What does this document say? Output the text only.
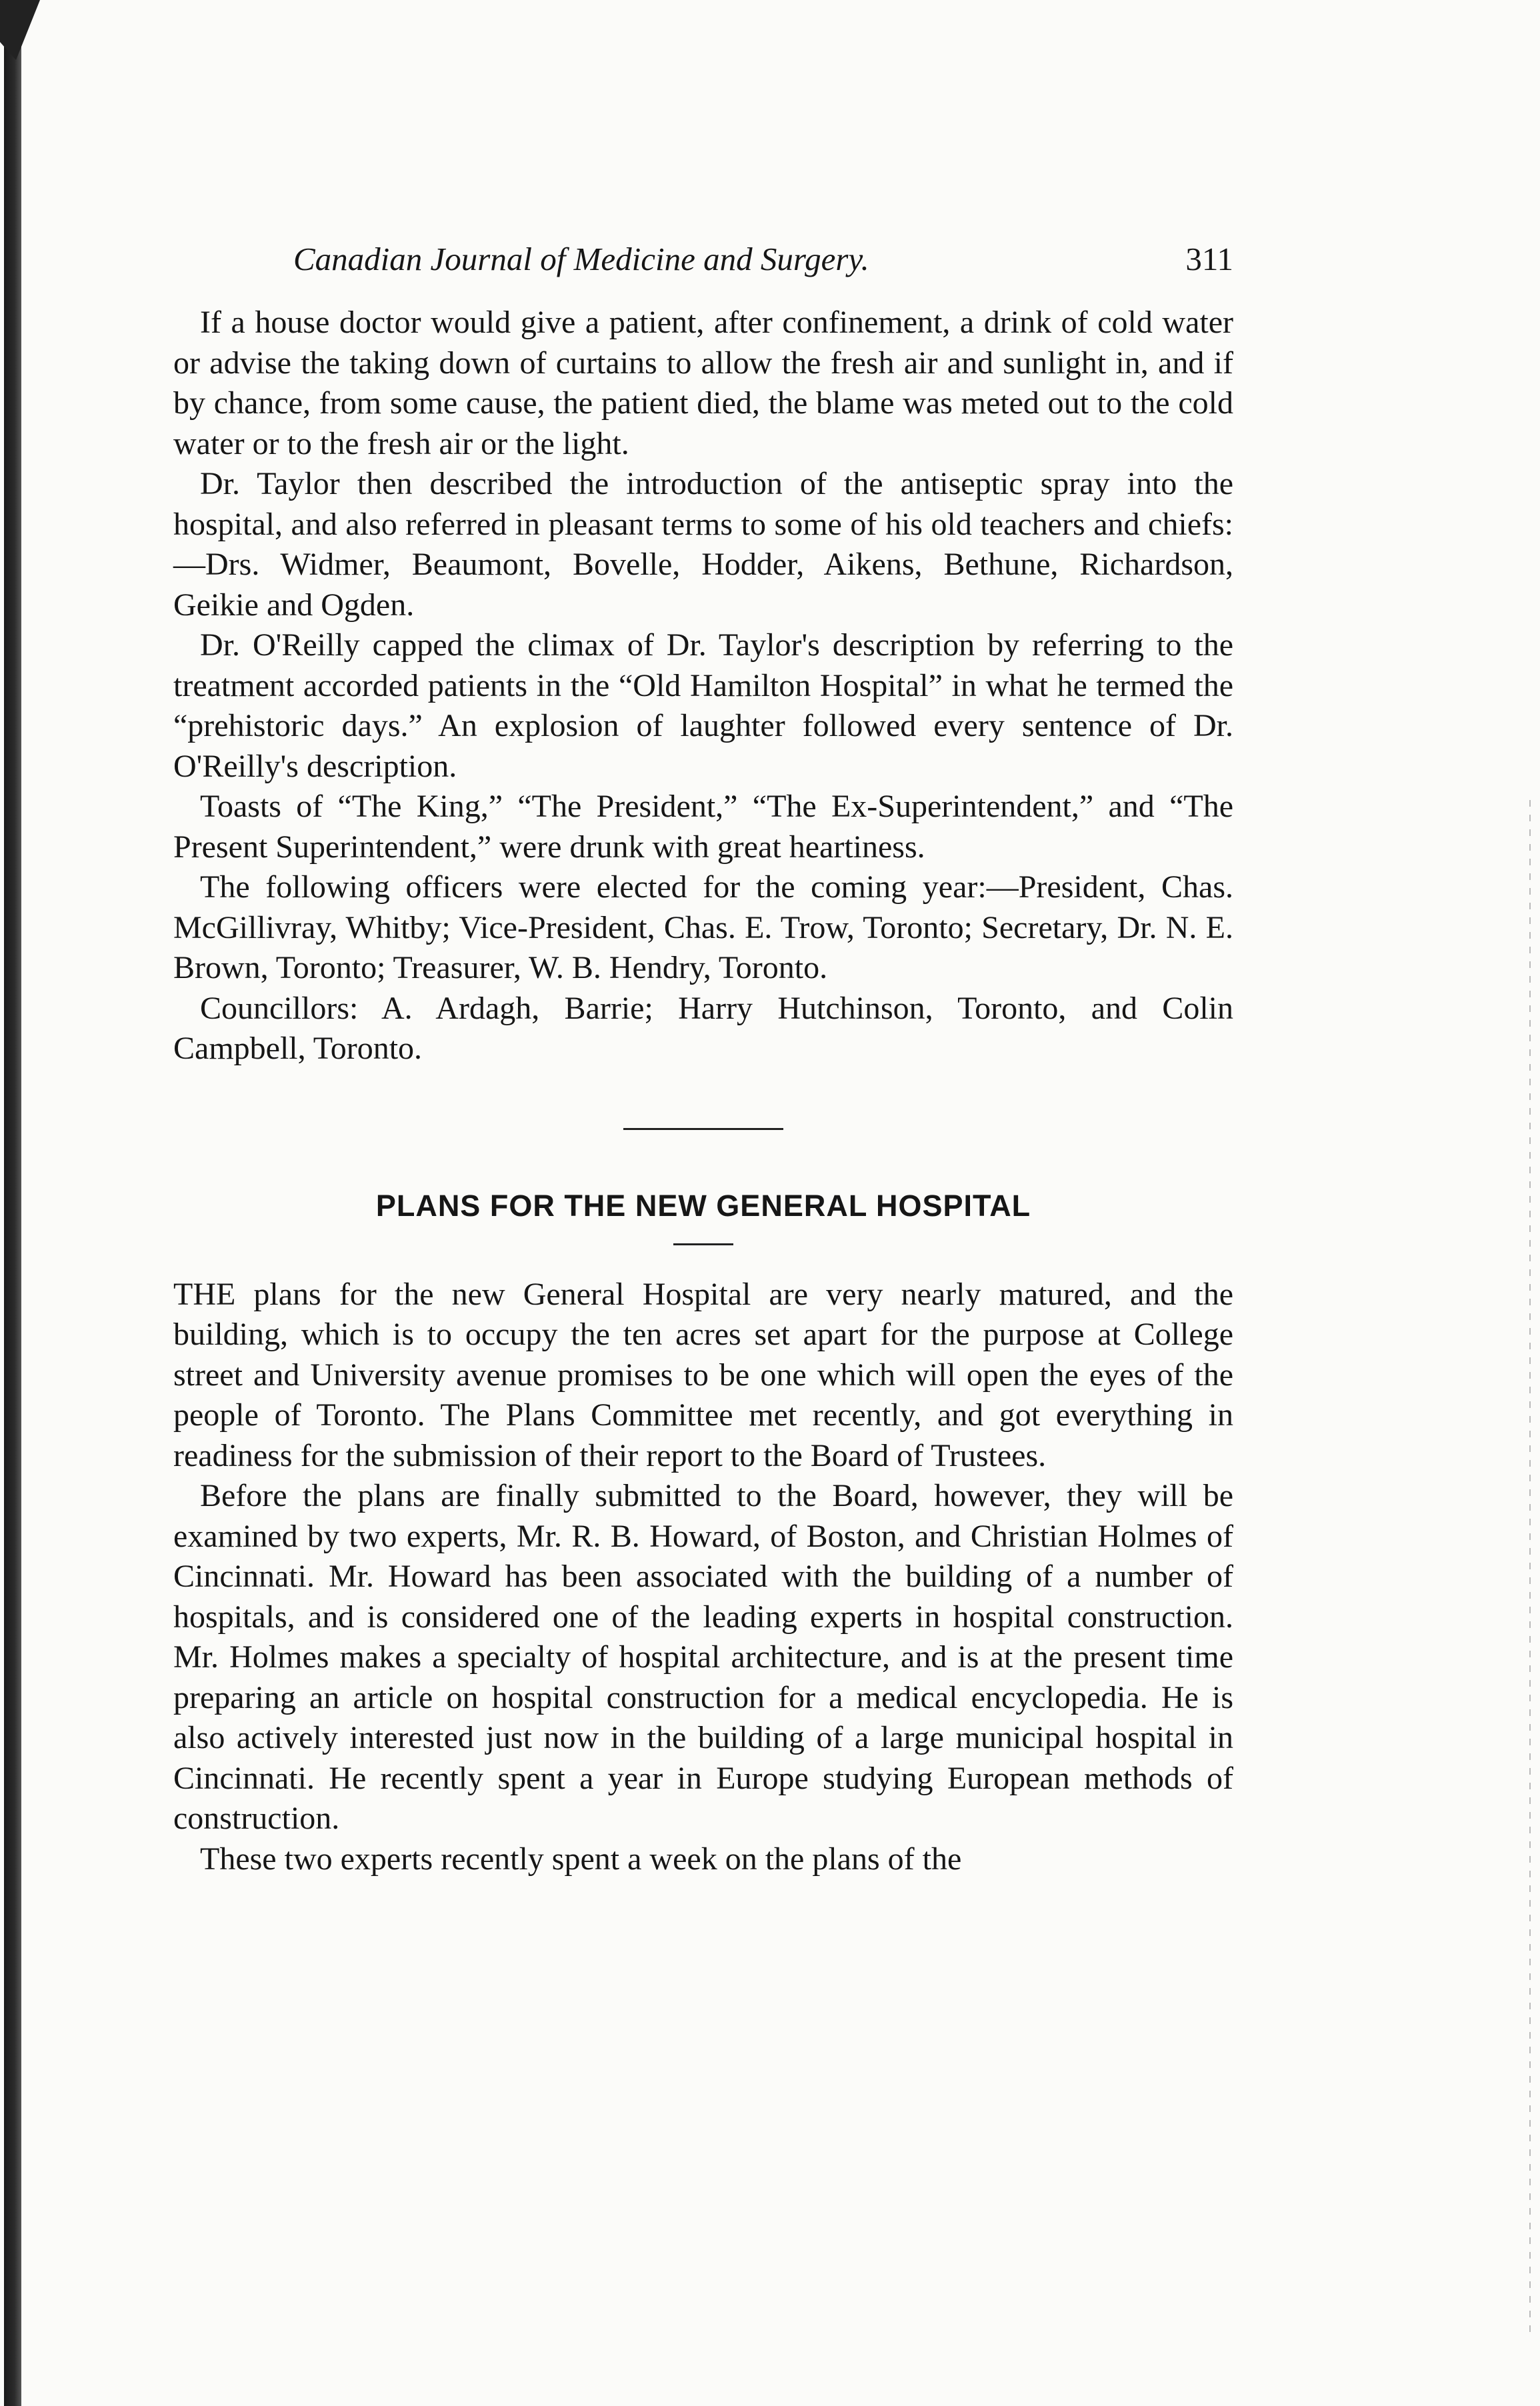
Canadian Journal of Medicine and Surgery.	311

If a house doctor would give a patient, after confinement, a drink of cold water or advise the taking down of curtains to allow the fresh air and sunlight in, and if by chance, from some cause, the patient died, the blame was meted out to the cold water or to the fresh air or the light.

Dr. Taylor then described the introduction of the antiseptic spray into the hospital, and also referred in pleasant terms to some of his old teachers and chiefs:—Drs. Widmer, Beaumont, Bovelle, Hodder, Aikens, Bethune, Richardson, Geikie and Ogden.

Dr. O'Reilly capped the climax of Dr. Taylor's description by referring to the treatment accorded patients in the “Old Hamilton Hospital” in what he termed the “prehistoric days.” An explosion of laughter followed every sentence of Dr. O'Reilly's description.

Toasts of “The King,” “The President,” “The Ex-Superintendent,” and “The Present Superintendent,” were drunk with great heartiness.

The following officers were elected for the coming year:—President, Chas. McGillivray, Whitby; Vice-President, Chas. E. Trow, Toronto; Secretary, Dr. N. E. Brown, Toronto; Treasurer, W. B. Hendry, Toronto.

Councillors: A. Ardagh, Barrie; Harry Hutchinson, Toronto, and Colin Campbell, Toronto.

PLANS FOR THE NEW GENERAL HOSPITAL

THE plans for the new General Hospital are very nearly matured, and the building, which is to occupy the ten acres set apart for the purpose at College street and University avenue promises to be one which will open the eyes of the people of Toronto. The Plans Committee met recently, and got everything in readiness for the submission of their report to the Board of Trustees.

Before the plans are finally submitted to the Board, however, they will be examined by two experts, Mr. R. B. Howard, of Boston, and Christian Holmes of Cincinnati. Mr. Howard has been associated with the building of a number of hospitals, and is considered one of the leading experts in hospital construction. Mr. Holmes makes a specialty of hospital architecture, and is at the present time preparing an article on hospital construction for a medical encyclopedia. He is also actively interested just now in the building of a large municipal hospital in Cincinnati. He recently spent a year in Europe studying European methods of construction.

These two experts recently spent a week on the plans of the
